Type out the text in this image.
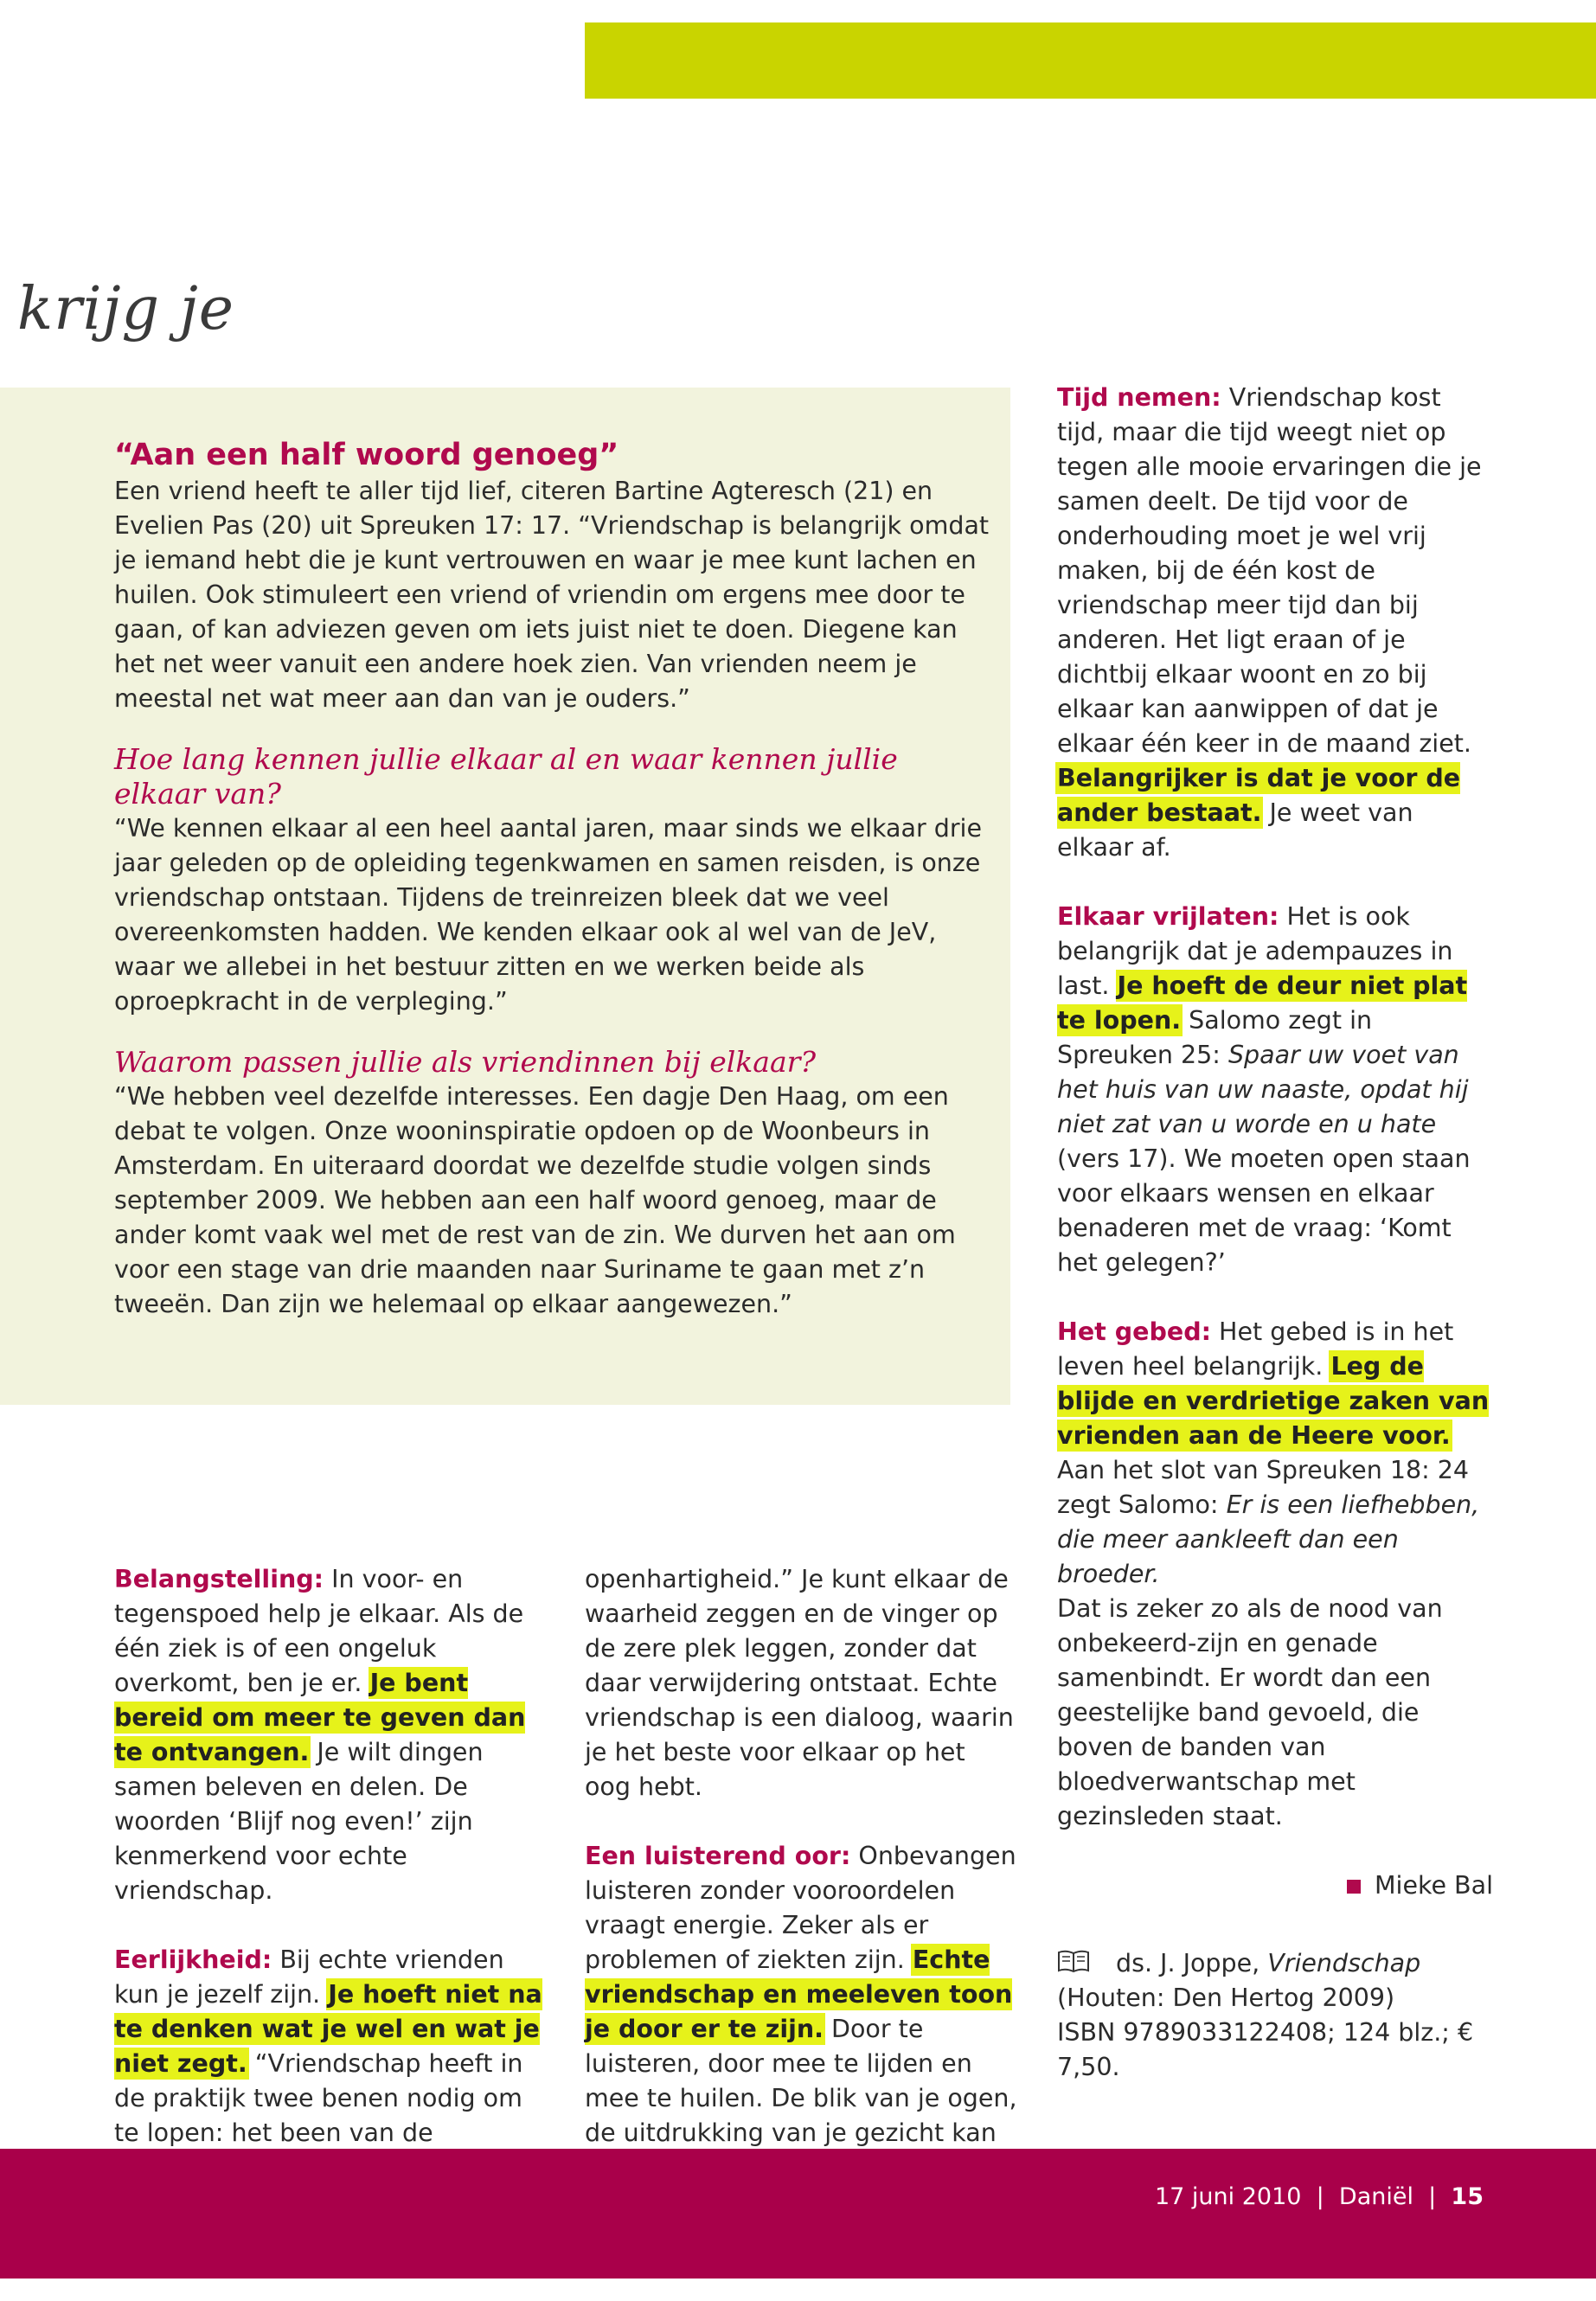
krijg je
“Aan een half woord genoeg”

Een vriend heeft te aller tijd lief, citeren Bartine Agteresch (21) en Evelien Pas (20) uit Spreuken 17: 17. “Vriendschap is belangrijk omdat je iemand hebt die je kunt vertrouwen en waar je mee kunt lachen en huilen. Ook stimuleert een vriend of vriendin om ergens mee door te gaan, of kan adviezen geven om iets juist niet te doen. Diegene kan het net weer vanuit een andere hoek zien. Van vrienden neem je meestal net wat meer aan dan van je ouders.”

Hoe lang kennen jullie elkaar al en waar kennen jullie elkaar van?

“We kennen elkaar al een heel aantal jaren, maar sinds we elkaar drie jaar geleden op de opleiding tegenkwamen en samen reisden, is onze vriendschap ontstaan. Tijdens de treinreizen bleek dat we veel overeenkomsten hadden. We kenden elkaar ook al wel van de JeV, waar we allebei in het bestuur zitten en we werken beide als oproepkracht in de verpleging.”

Waarom passen jullie als vriendinnen bij elkaar?

“We hebben veel dezelfde interesses. Een dagje Den Haag, om een debat te volgen. Onze wooninspiratie opdoen op de Woonbeurs in Amsterdam. En uiteraard doordat we dezelfde studie volgen sinds september 2009. We hebben aan een half woord genoeg, maar de ander komt vaak wel met de rest van de zin. We durven het aan om voor een stage van drie maanden naar Suriname te gaan met z’n tweeën. Dan zijn we helemaal op elkaar aangewezen.”

Belangstelling: In voor- en tegenspoed help je elkaar. Als de één ziek is of een ongeluk overkomt, ben je er. Je bent bereid om meer te geven dan te ontvangen. Je wilt dingen samen beleven en delen. De woorden ‘Blijf nog even!’ zijn kenmerkend voor echte vriendschap.

Eerlijkheid: Bij echte vrienden kun je jezelf zijn. Je hoeft niet na te denken wat je wel en wat je niet zegt. “Vriendschap heeft in de praktijk twee benen nodig om te lopen: het been van de

openhartigheid.” Je kunt elkaar de waarheid zeggen en de vinger op de zere plek leggen, zonder dat daar verwijdering ontstaat. Echte vriendschap is een dialoog, waarin je het beste voor elkaar op het oog hebt.

Een luisterend oor: Onbevangen luisteren zonder vooroordelen vraagt energie. Zeker als er problemen of ziekten zijn. Echte vriendschap en meeleven toon je door er te zijn. Door te luisteren, door mee te lijden en mee te huilen. De blik van je ogen, de uitdrukking van je gezicht kan

Tijd nemen: Vriendschap kost tijd, maar die tijd weegt niet op tegen alle mooie ervaringen die je samen deelt. De tijd voor de onderhouding moet je wel vrij maken, bij de één kost de vriendschap meer tijd dan bij anderen. Het ligt eraan of je dichtbij elkaar woont en zo bij elkaar kan aanwippen of dat je elkaar één keer in de maand ziet. Belangrijker is dat je voor de ander bestaat. Je weet van elkaar af.

Elkaar vrijlaten: Het is ook belangrijk dat je adempauzes in last. Je hoeft de deur niet plat te lopen. Salomo zegt in Spreuken 25: Spaar uw voet van het huis van uw naaste, opdat hij niet zat van u worde en u hate (vers 17). We moeten open staan voor elkaars wensen en elkaar benaderen met de vraag: ‘Komt het gelegen?’

Het gebed: Het gebed is in het leven heel belangrijk. Leg de blijde en verdrietige zaken van vrienden aan de Heere voor. Aan het slot van Spreuken 18: 24 zegt Salomo: Er is een liefhebben, die meer aankleeft dan een broeder.
Dat is zeker zo als de nood van onbekeerd-zijn en genade samenbindt. Er wordt dan een geestelijke band gevoeld, die boven de banden van bloedverwantschap met gezinsleden staat.

Mieke Bal

ds. J. Joppe, Vriendschap
(Houten: Den Hertog 2009)
ISBN 9789033122408; 124 blz.; € 7,50.

17 juni 2010 | Daniël | 15
